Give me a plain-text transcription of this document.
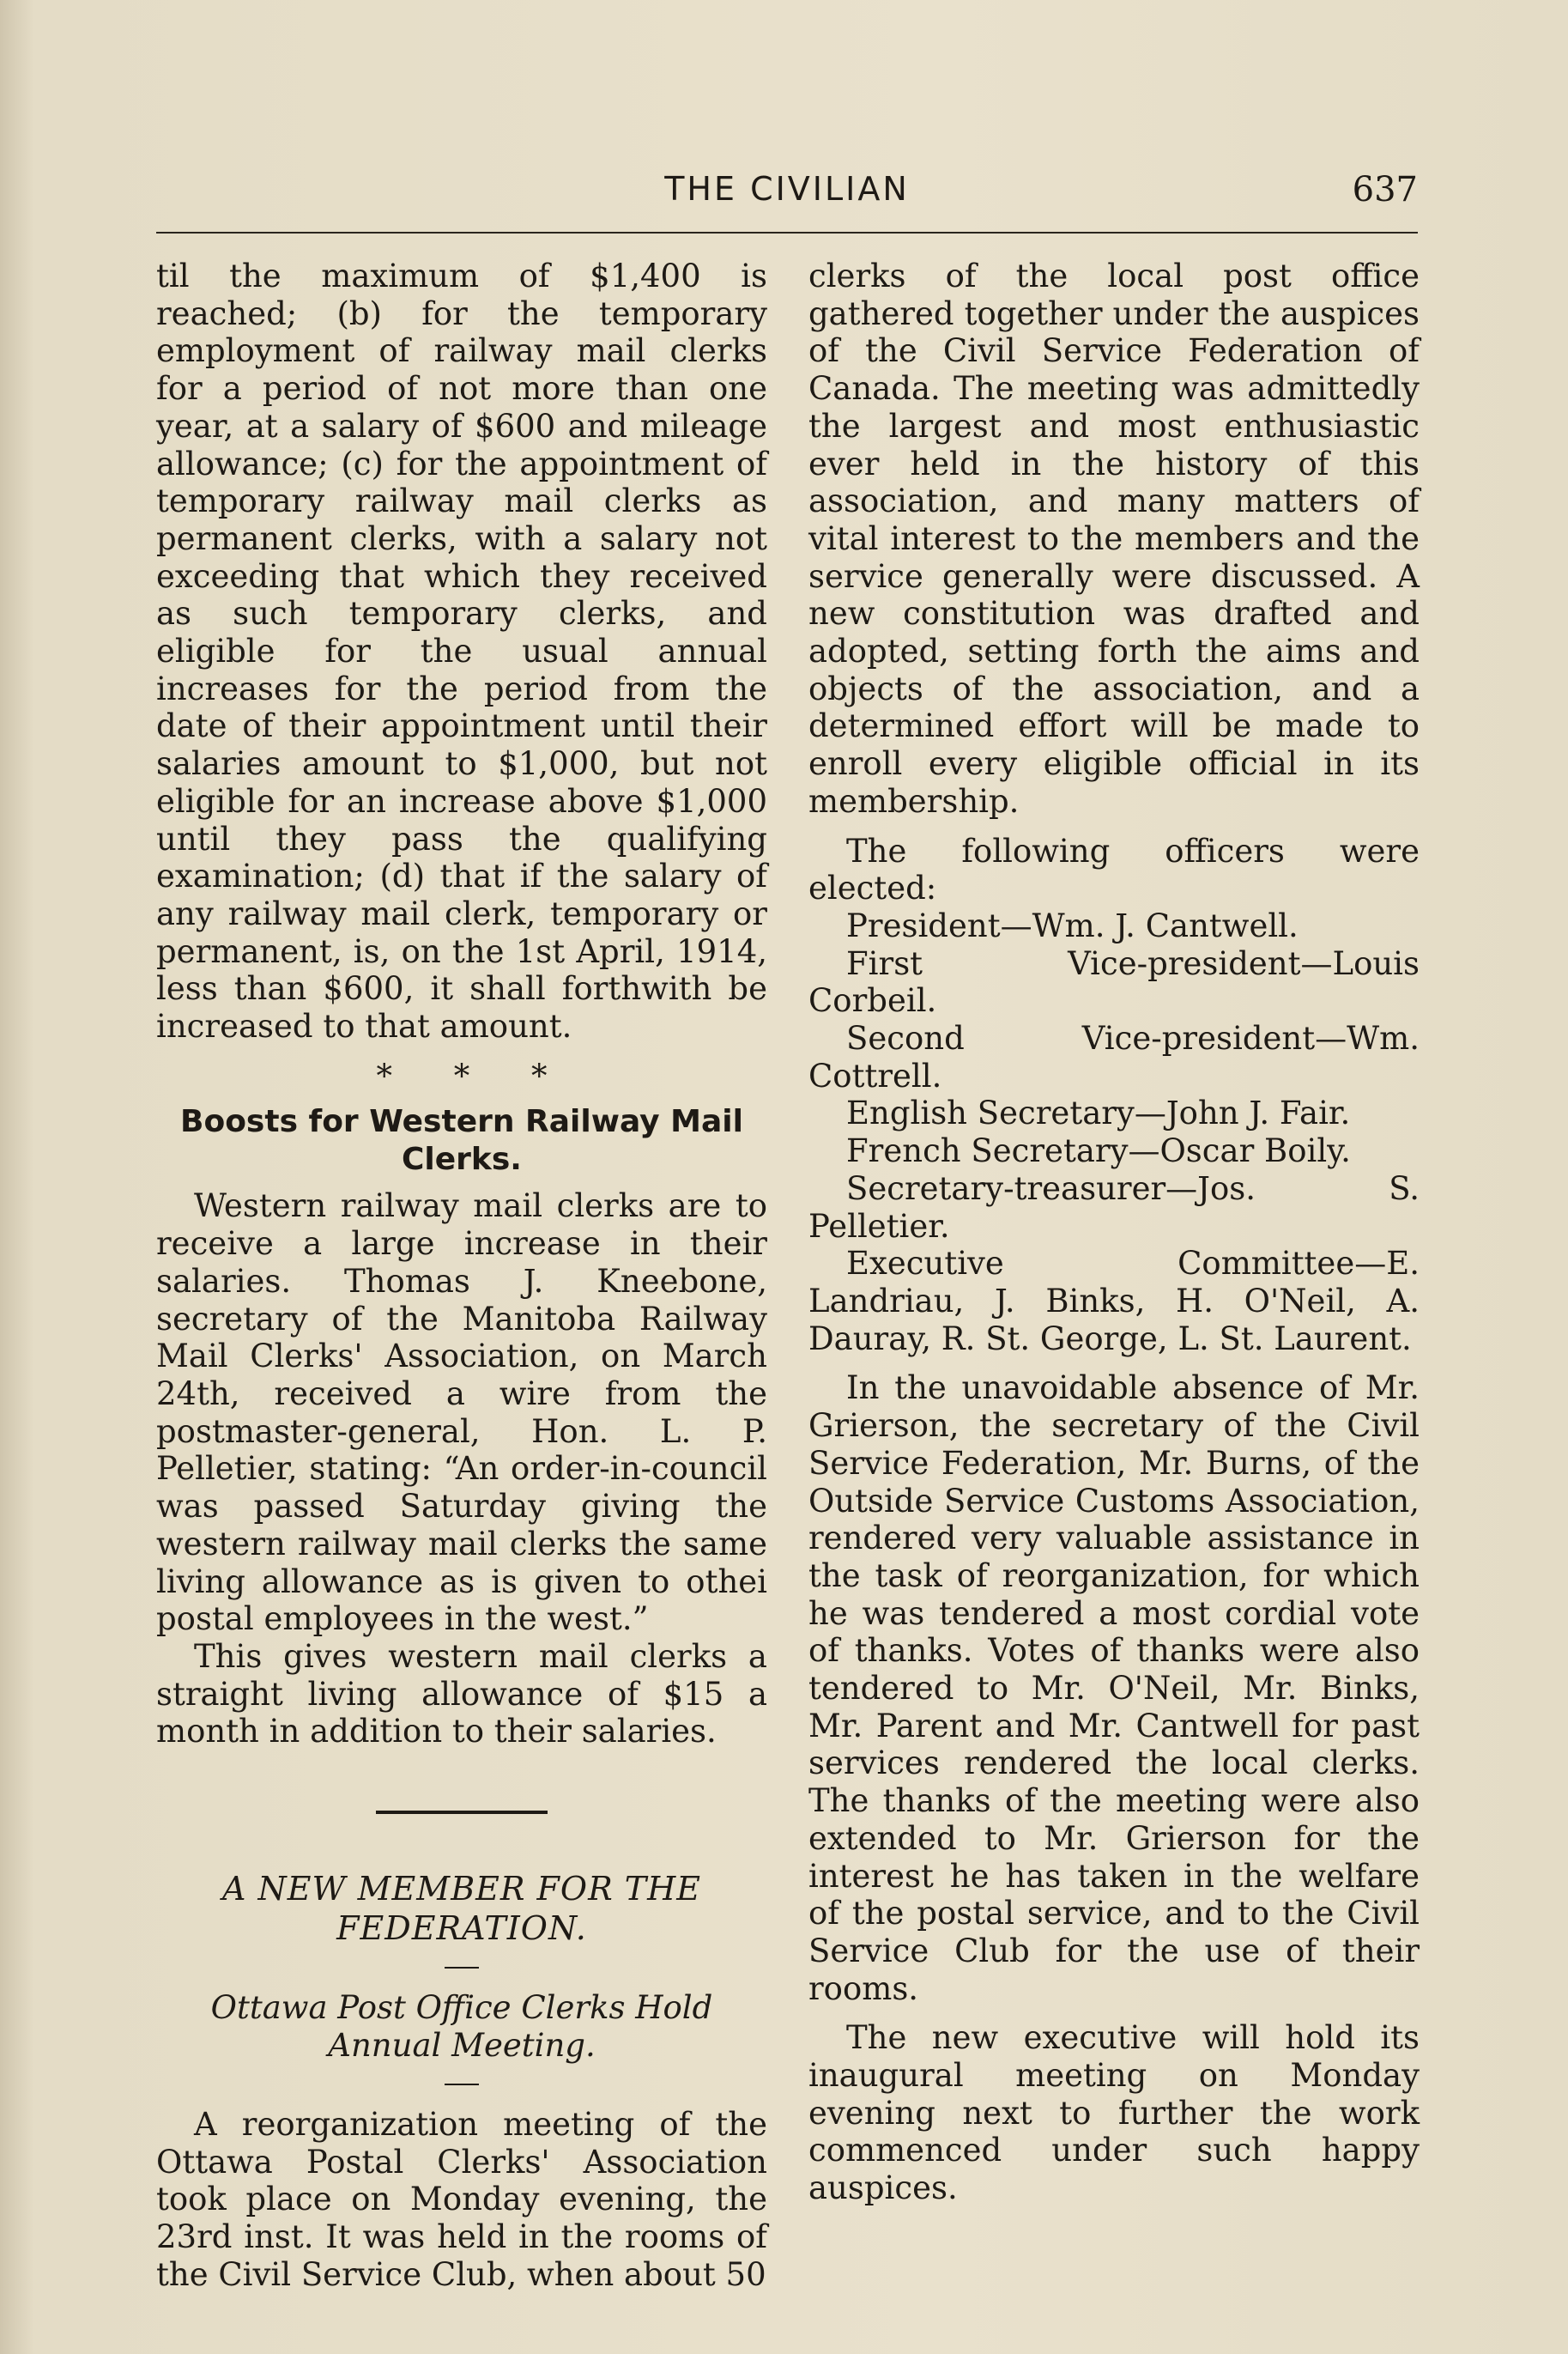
THE CIVILIAN	637

til the maximum of $1,400 is reached; (b) for the temporary employment of railway mail clerks for a period of not more than one year, at a salary of $600 and mileage allowance; (c) for the appointment of temporary railway mail clerks as permanent clerks, with a salary not exceeding that which they received as such temporary clerks, and eligible for the usual annual increases for the period from the date of their appointment until their salaries amount to $1,000, but not eligible for an increase above $1,000 until they pass the qualifying examination; (d) that if the salary of any railway mail clerk, temporary or permanent, is, on the 1st April, 1914, less than $600, it shall forthwith be increased to that amount.

* * *
Boosts for Western Railway Mail Clerks.

Western railway mail clerks are to receive a large increase in their salaries. Thomas J. Kneebone, secretary of the Manitoba Railway Mail Clerks' Association, on March 24th, received a wire from the postmaster-general, Hon. L. P. Pelletier, stating: “An order-in-council was passed Saturday giving the western railway mail clerks the same living allowance as is given to othei postal employees in the west.”

This gives western mail clerks a straight living allowance of $15 a month in addition to their salaries.

A NEW MEMBER FOR THE FEDERATION.
Ottawa Post Office Clerks Hold Annual Meeting.

A reorganization meeting of the Ottawa Postal Clerks' Association took place on Monday evening, the 23rd inst. It was held in the rooms of the Civil Service Club, when about 50

clerks of the local post office gathered together under the auspices of the Civil Service Federation of Canada. The meeting was admittedly the largest and most enthusiastic ever held in the history of this association, and many matters of vital interest to the members and the service generally were discussed. A new constitution was drafted and adopted, setting forth the aims and objects of the association, and a determined effort will be made to enroll every eligible official in its membership.

The following officers were elected:

President—Wm. J. Cantwell.

First Vice-president—Louis Corbeil.

Second Vice-president—Wm. Cottrell.

English Secretary—John J. Fair.

French Secretary—Oscar Boily.

Secretary-treasurer—Jos. S. Pelletier.

Executive Committee—E. Landriau, J. Binks, H. O'Neil, A. Dauray, R. St. George, L. St. Laurent.

In the unavoidable absence of Mr. Grierson, the secretary of the Civil Service Federation, Mr. Burns, of the Outside Service Customs Association, rendered very valuable assistance in the task of reorganization, for which he was tendered a most cordial vote of thanks. Votes of thanks were also tendered to Mr. O'Neil, Mr. Binks, Mr. Parent and Mr. Cantwell for past services rendered the local clerks. The thanks of the meeting were also extended to Mr. Grierson for the interest he has taken in the welfare of the postal service, and to the Civil Service Club for the use of their rooms.

The new executive will hold its inaugural meeting on Monday evening next to further the work commenced under such happy auspices.
